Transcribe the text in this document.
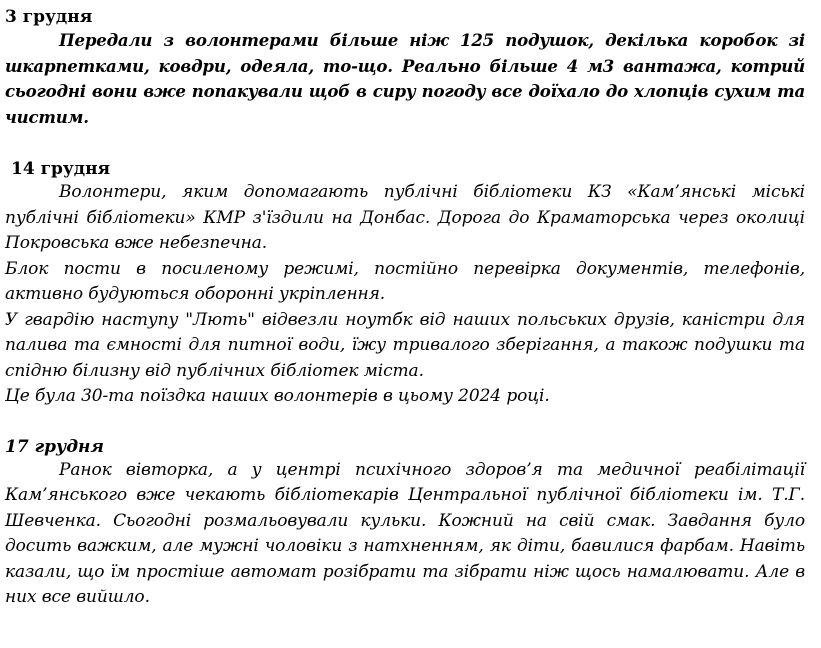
3 грудня

Передали з волонтерами більше ніж 125 подушок, декілька коробок зі шкарпетками, ковдри, одеяла, то-що. Реально більше 4 м3 вантажа, котрий сьогодні вони вже попакували щоб в сиру погоду все доїхало до хлопців сухим та чистим.

14 грудня

Волонтери, яким допомагають публічні бібліотеки КЗ «Кам’янські міські публічні бібліотеки» КМР з'їздили на Донбас. Дорога до Краматорська через околиці Покровська вже небезпечна.

Блок пости в посиленому режимі, постійно перевірка документів, телефонів, активно будуються оборонні укріплення.

У гвардію наступу "Лють" відвезли ноутбк від наших польських друзів, каністри для палива та ємності для питної води, їжу тривалого зберігання, а також подушки та спідню білизну від публічних бібліотек міста.

Це була 30-та поїздка наших волонтерів в цьому 2024 році.

17 грудня

Ранок вівторка, а у центрі психічного здоров’я та медичної реабілітації Кам’янського вже чекають бібліотекарів Центральної публічної бібліотеки ім. Т.Г. Шевченка. Сьогодні розмальовували кульки. Кожний на свій смак. Завдання було досить важким, але мужні чоловіки з натхненням, як діти, бавилися фарбам. Навіть казали, що їм простіше автомат розібрати та зібрати ніж щось намалювати. Але в них все вийшло.
